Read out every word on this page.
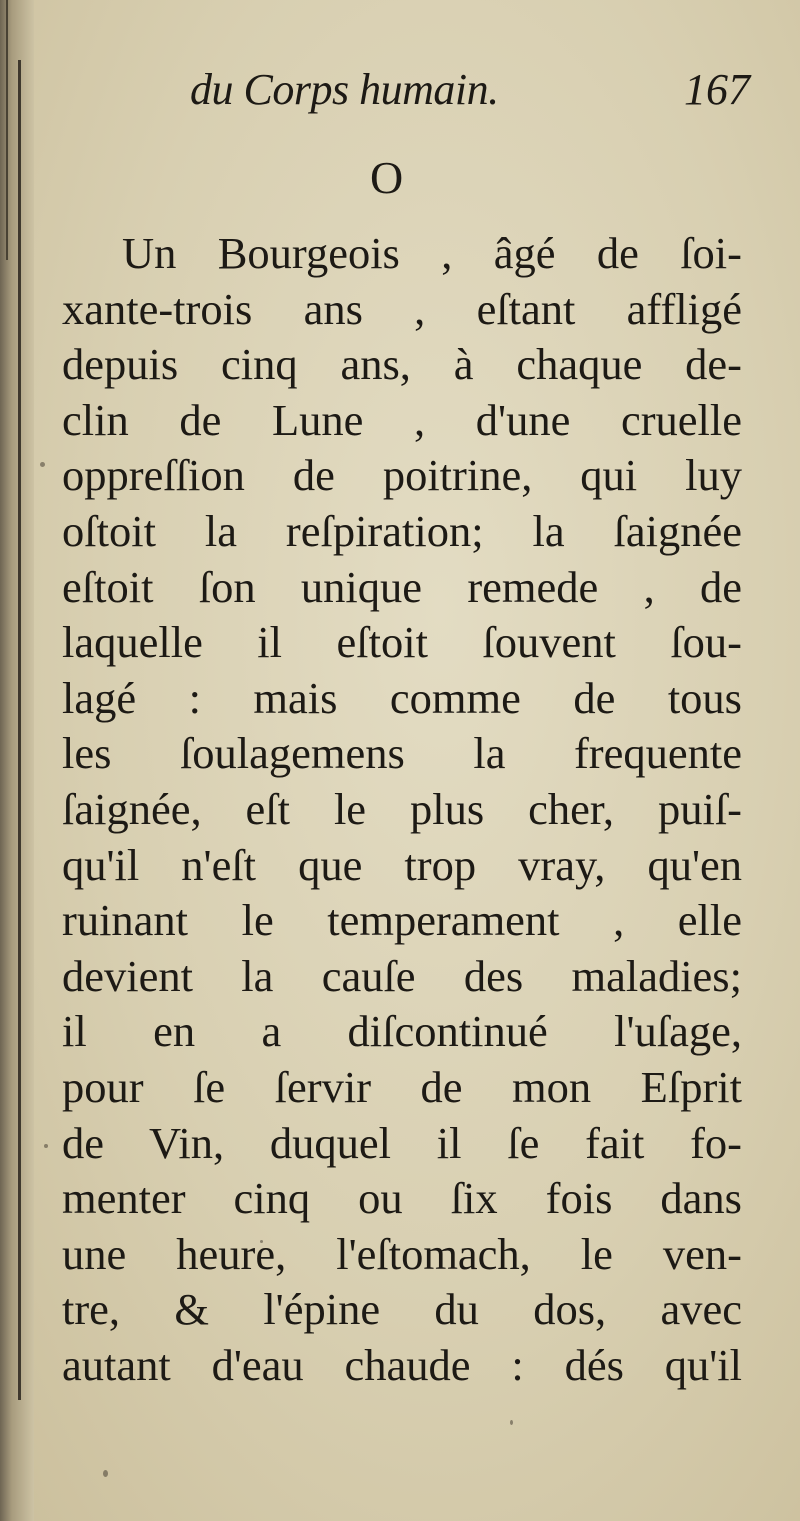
du Corps humain.	167
O
Un Bourgeois , âgé de ſoi-
xante-trois ans , eſtant affligé
depuis cinq ans, à chaque de-
clin de Lune , d'une cruelle
oppreſſion de poitrine, qui luy
oſtoit la reſpiration; la ſaignée
eſtoit ſon unique remede , de
laquelle il eſtoit ſouvent ſou-
lagé : mais comme de tous
les ſoulagemens la frequente
ſaignée, eſt le plus cher, puiſ-
qu'il n'eſt que trop vray, qu'en
ruinant le temperament , elle
devient la cauſe des maladies;
il en a diſcontinué l'uſage,
pour ſe ſervir de mon Eſprit
de Vin, duquel il ſe fait fo-
menter cinq ou ſix fois dans
une heure, l'eſtomach, le ven-
tre, & l'épine du dos, avec
autant d'eau chaude : dés qu'il
